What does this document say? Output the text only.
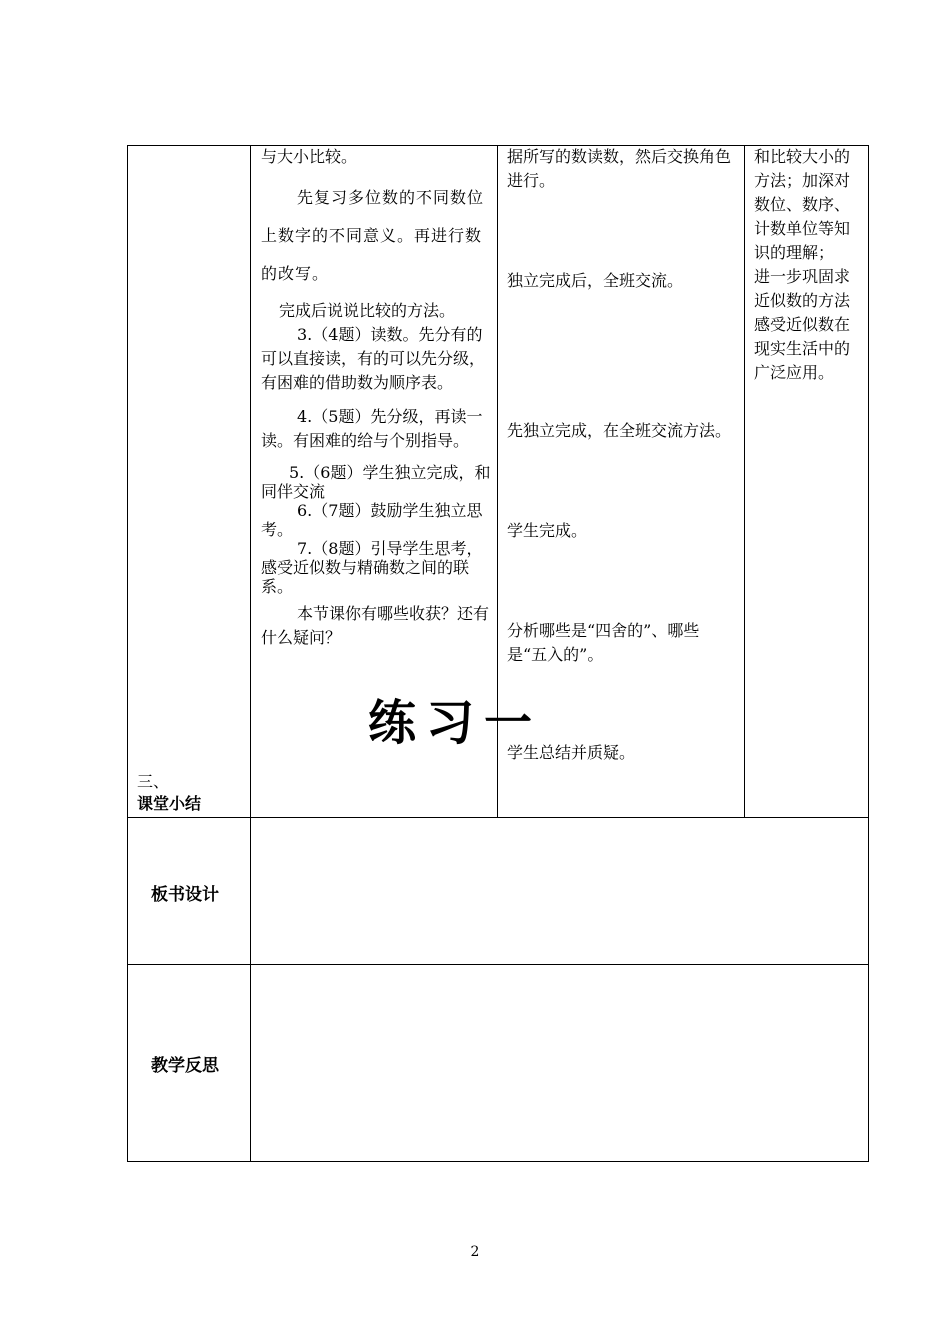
三、
课堂小结

与大小比较。

先复习多位数的不同数位上数字的不同意义。再进行数的改写。

完成后说说比较的方法。

3.（4题）读数。先分有的可以直接读，有的可以先分级，有困难的借助数为顺序表。

4.（5题）先分级，再读一读。有困难的给与个别指导。

5.（6题）学生独立完成，和同伴交流

6.（7题）鼓励学生独立思考。

7.（8题）引导学生思考，感受近似数与精确数之间的联系。

本节课你有哪些收获？还有什么疑问？

据所写的数读数，然后交换角色进行。

独立完成后，全班交流。

先独立完成，在全班交流方法。

学生完成。

分析哪些是“四舍的”、哪些是“五入的”。

学生总结并质疑。

和比较大小的方法；加深对数位、数序、计数单位等知识的理解；

进一步巩固求近似数的方法感受近似数在现实生活中的广泛应用。

板书设计
教学反思
练习一
2
